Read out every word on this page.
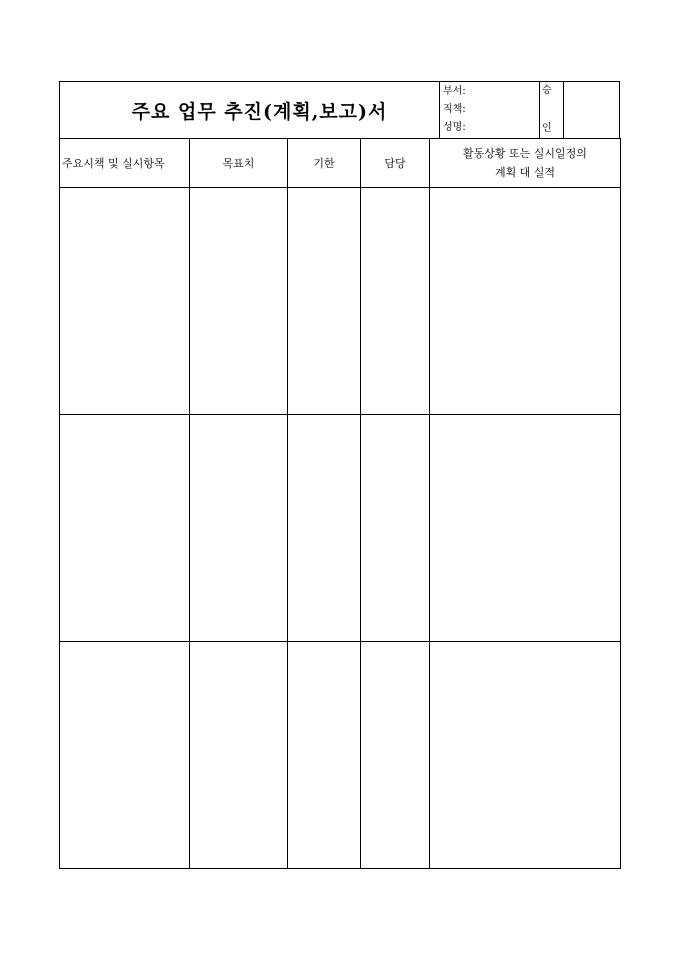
주요 업무 추진(계획,보고)서
부서:
직책:
성명:
승
인
주요시책 및 실시항목	목표치	기한	담당	활동상황 또는 실시일정의
계획 대 실적
